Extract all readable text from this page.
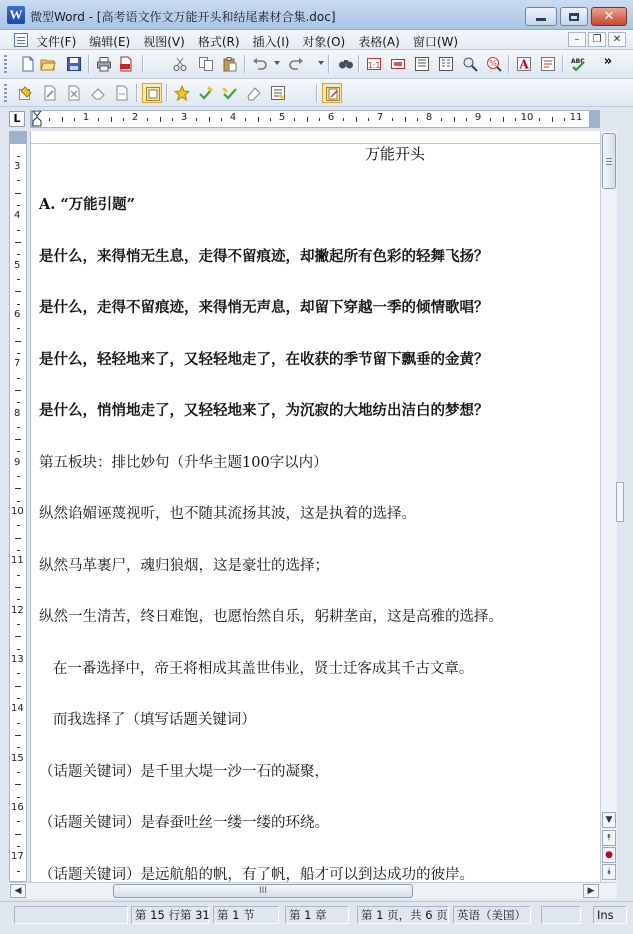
W 微型Word - [高考语文作文万能开头和结尾素材合集.doc]	✕
文件(F) 编辑(E) 视图(V) 格式(R) 插入(I) 对象(O) 表格(A) 窗口(W)	–	❐	✕
1:1	% A	ABC	»
L	1	2	3	4	5	6	7	8	9	10	11
3
4
5
6
7
8
9
10
11
12
13
14
15
16
17
万能开头
A. “万能引题”
是什么，来得悄无生息，走得不留痕迹，却撇起所有色彩的轻舞飞扬？
是什么，走得不留痕迹，来得悄无声息，却留下穿越一季的倾情歌唱？
是什么，轻轻地来了，又轻轻地走了，在收获的季节留下飘垂的金黄？
是什么，悄悄地走了，又轻轻地来了，为沉寂的大地纺出洁白的梦想？
第五板块：排比妙句（升华主题100字以内）
纵然谄媚诬蔑视听，也不随其流扬其波，这是执着的选择。
纵然马革裹尸，魂归狼烟，这是豪壮的选择；
纵然一生清苦，终日难饱，也愿怡然自乐，躬耕垄亩，这是高雅的选择。
在一番选择中，帝王将相成其盖世伟业，贤士迁客成其千古文章。
而我选择了（填写话题关键词）
（话题关键词）是千里大堤一沙一石的凝聚，
（话题关键词）是春蚕吐丝一缕一缕的环绕。
（话题关键词）是远航船的帆，有了帆，船才可以到达成功的彼岸。
▼
⯭
●
⯯
◀	III	▶
第 15 行第 31 第 1 节	第 1 章	第 1 页，共 6 页 英语（美国）	Ins
